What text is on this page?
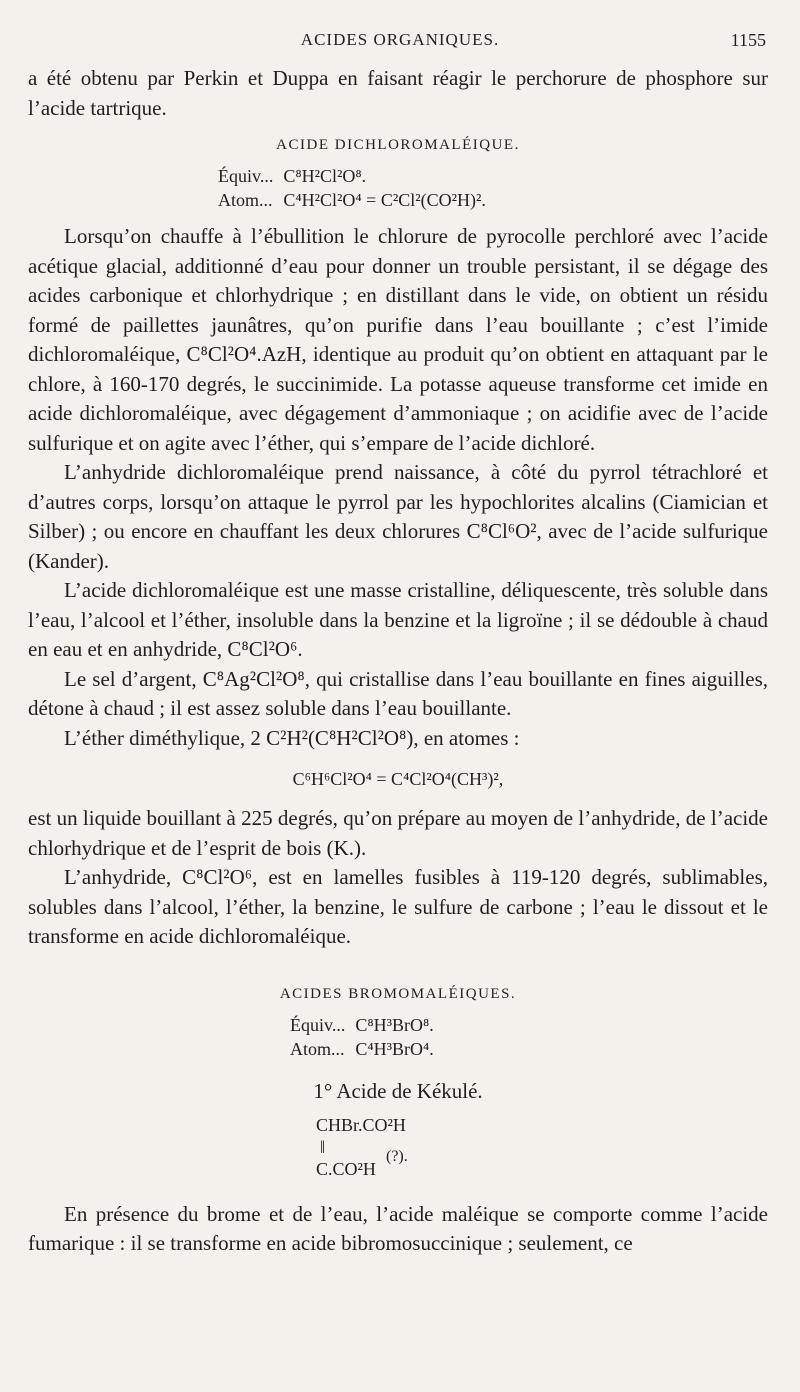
ACIDES ORGANIQUES.	1155

a été obtenu par Perkin et Duppa en faisant réagir le perchorure de phosphore sur l’acide tartrique.

ACIDE DICHLOROMALÉIQUE.
Équiv...	C⁸H²Cl²O⁸.
Atom...	C⁴H²Cl²O⁴ = C²Cl²(CO²H)².

Lorsqu’on chauffe à l’ébullition le chlorure de pyrocolle perchloré avec l’acide acétique glacial, additionné d’eau pour donner un trouble persistant, il se dégage des acides carbonique et chlorhydrique ; en distillant dans le vide, on obtient un résidu formé de paillettes jaunâtres, qu’on purifie dans l’eau bouillante ; c’est l’imide dichloromaléique, C⁸Cl²O⁴.AzH, identique au produit qu’on obtient en attaquant par le chlore, à 160-170 degrés, le succinimide. La potasse aqueuse transforme cet imide en acide dichloromaléique, avec dégagement d’ammoniaque ; on acidifie avec de l’acide sulfurique et on agite avec l’éther, qui s’empare de l’acide dichloré.

L’anhydride dichloromaléique prend naissance, à côté du pyrrol tétrachloré et d’autres corps, lorsqu’on attaque le pyrrol par les hypochlorites alcalins (Ciamician et Silber) ; ou encore en chauffant les deux chlorures C⁸Cl⁶O², avec de l’acide sulfurique (Kander).

L’acide dichloromaléique est une masse cristalline, déliquescente, très soluble dans l’eau, l’alcool et l’éther, insoluble dans la benzine et la ligroïne ; il se dédouble à chaud en eau et en anhydride, C⁸Cl²O⁶.

Le sel d’argent, C⁸Ag²Cl²O⁸, qui cristallise dans l’eau bouillante en fines aiguilles, détone à chaud ; il est assez soluble dans l’eau bouillante.

L’éther diméthylique, 2 C²H²(C⁸H²Cl²O⁸), en atomes :

C⁶H⁶Cl²O⁴ = C⁴Cl²O⁴(CH³)²,

est un liquide bouillant à 225 degrés, qu’on prépare au moyen de l’anhydride, de l’acide chlorhydrique et de l’esprit de bois (K.).

L’anhydride, C⁸Cl²O⁶, est en lamelles fusibles à 119-120 degrés, sublimables, solubles dans l’alcool, l’éther, la benzine, le sulfure de carbone ; l’eau le dissout et le transforme en acide dichloromaléique.

ACIDES BROMOMALÉIQUES.
Équiv...	C⁸H³BrO⁸.
Atom...	C⁴H³BrO⁴.
1° Acide de Kékulé.
CHBr.CO²H
‖
C.CO²H
(?).

En présence du brome et de l’eau, l’acide maléique se comporte comme l’acide fumarique : il se transforme en acide bibromosuccinique ; seulement, ce
